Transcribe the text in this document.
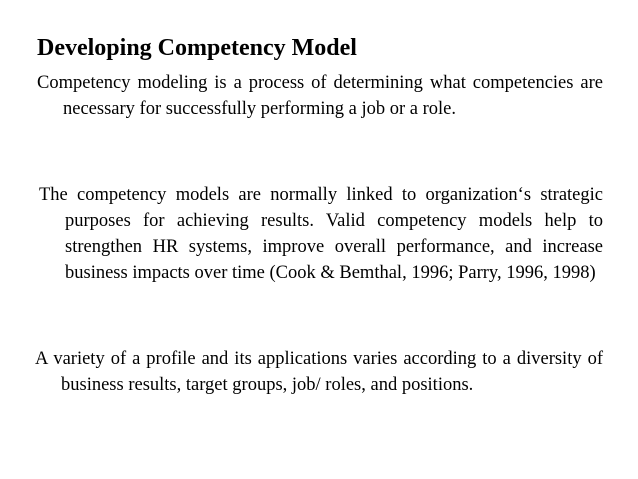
Developing Competency Model
Competency modeling is a process of determining what competencies are necessary for successfully performing a job or a role.
The competency models are normally linked to organization‘s strategic purposes for achieving results. Valid competency models help to strengthen HR systems, improve overall performance, and increase business impacts over time (Cook & Bemthal, 1996; Parry, 1996, 1998)
A variety of a profile and its applications varies according to a diversity of business results, target groups, job/ roles, and positions.
